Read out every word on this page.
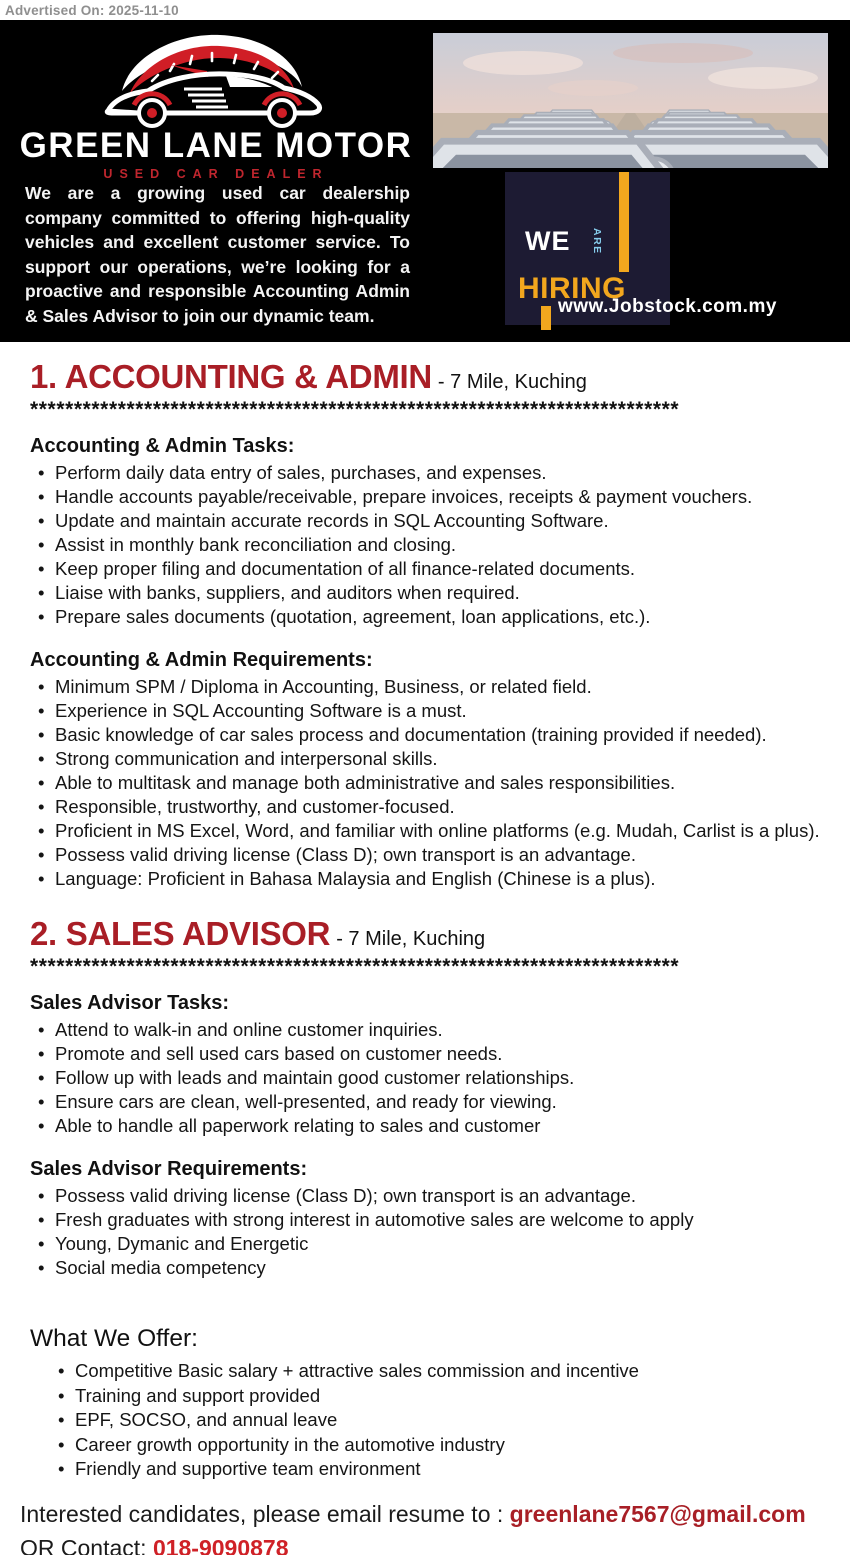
Advertised On: 2025-11-10
GREEN LANE MOTOR
USED CAR DEALER

We are a growing used car dealership company committed to offering high-quality vehicles and excellent customer service. To support our operations, we’re looking for a proactive and responsible Accounting Admin & Sales Advisor to join our dynamic team.

WE ARE
HIRING
www.Jobstock.com.my
1. ACCOUNTING & ADMIN - 7 Mile, Kuching
**************************************************************************
Accounting & Admin Tasks:
• Perform daily data entry of sales, purchases, and expenses.
• Handle accounts payable/receivable, prepare invoices, receipts & payment vouchers.
• Update and maintain accurate records in SQL Accounting Software.
• Assist in monthly bank reconciliation and closing.
• Keep proper filing and documentation of all finance-related documents.
• Liaise with banks, suppliers, and auditors when required.
• Prepare sales documents (quotation, agreement, loan applications, etc.).
Accounting & Admin Requirements:
• Minimum SPM / Diploma in Accounting, Business, or related field.
• Experience in SQL Accounting Software is a must.
• Basic knowledge of car sales process and documentation (training provided if needed).
• Strong communication and interpersonal skills.
• Able to multitask and manage both administrative and sales responsibilities.
• Responsible, trustworthy, and customer-focused.
• Proficient in MS Excel, Word, and familiar with online platforms (e.g. Mudah, Carlist is a plus).
• Possess valid driving license (Class D); own transport is an advantage.
• Language: Proficient in Bahasa Malaysia and English (Chinese is a plus).
2. SALES ADVISOR - 7 Mile, Kuching
**************************************************************************
Sales Advisor Tasks:
• Attend to walk-in and online customer inquiries.
• Promote and sell used cars based on customer needs.
• Follow up with leads and maintain good customer relationships.
• Ensure cars are clean, well-presented, and ready for viewing.
• Able to handle all paperwork relating to sales and customer
Sales Advisor Requirements:
• Possess valid driving license (Class D); own transport is an advantage.
• Fresh graduates with strong interest in automotive sales are welcome to apply
• Young, Dymanic and Energetic
• Social media competency
What We Offer:
• Competitive Basic salary + attractive sales commission and incentive
• Training and support provided
• EPF, SOCSO, and annual leave
• Career growth opportunity in the automotive industry
• Friendly and supportive team environment

Interested candidates, please email resume to : greenlane7567@gmail.com

OR Contact: 018-9090878
